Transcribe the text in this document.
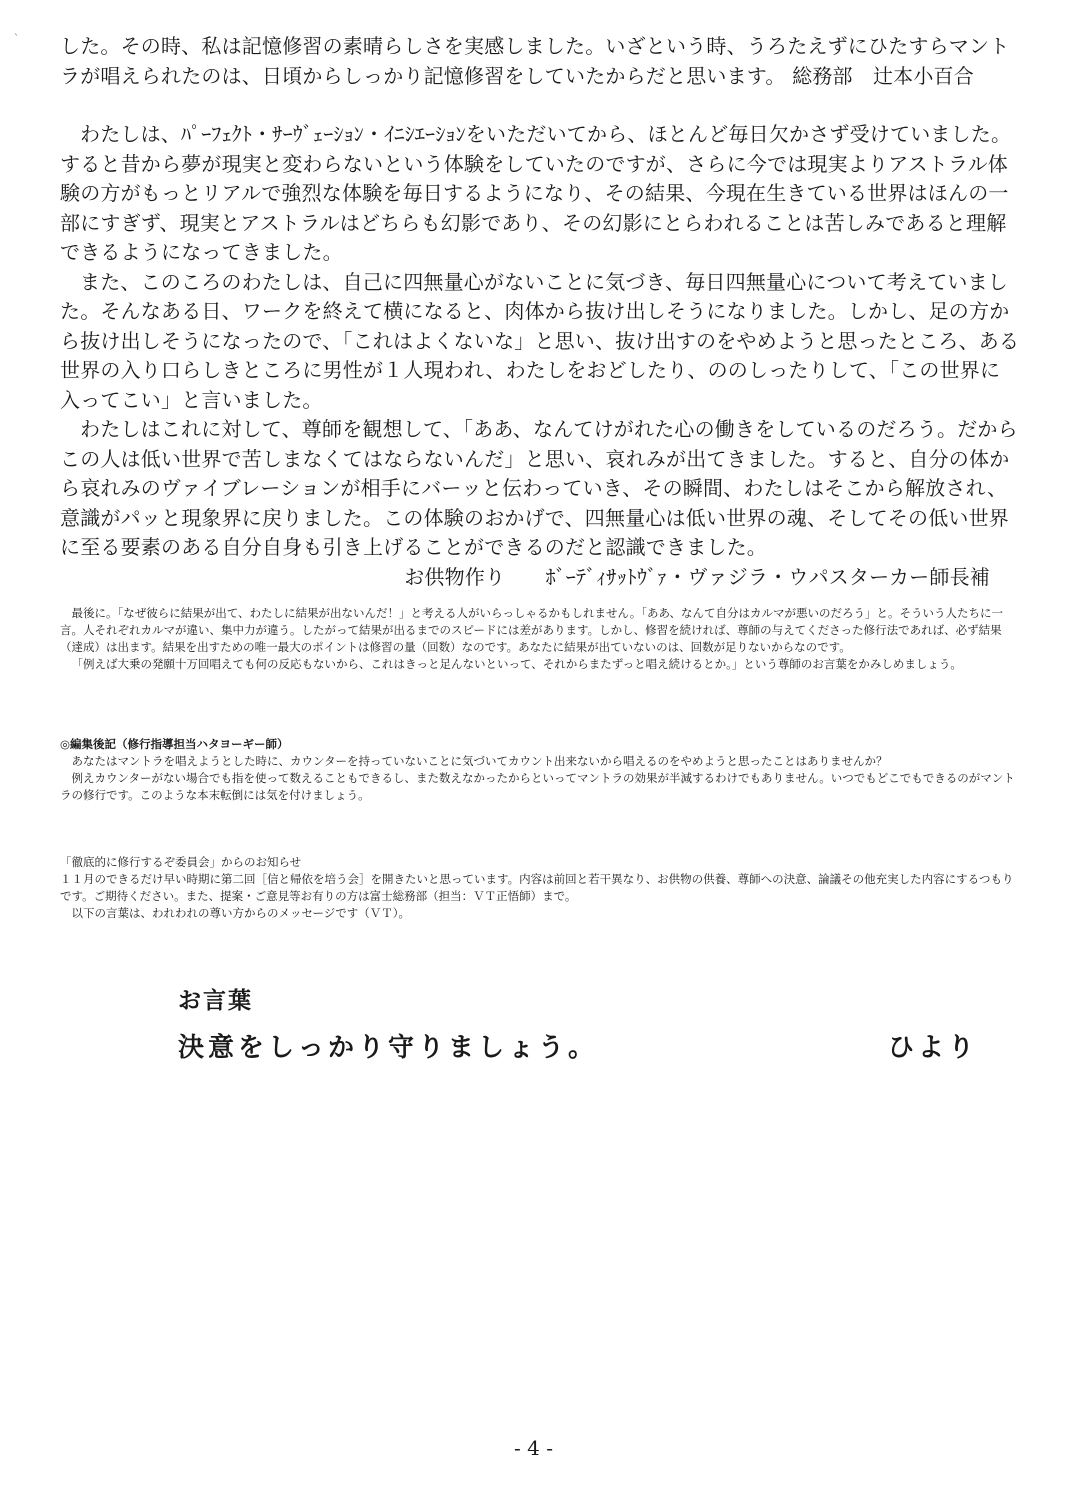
ˋ した。その時、私は記憶修習の素晴らしさを実感しました。いざという時、うろたえずにひたすらマントラが唱えられたのは、日頃からしっかり記憶修習をしていたからだと思います。 総務部　辻本小百合

わたしは、ﾊﾟｰﾌｪｸﾄ・ｻｰｳﾞｪｰｼｮﾝ・ｲﾆｼｴｰｼｮﾝをいただいてから、ほとんど毎日欠かさず受けていました。すると昔から夢が現実と変わらないという体験をしていたのですが、さらに今では現実よりアストラル体験の方がもっとリアルで強烈な体験を毎日するようになり、その結果、今現在生きている世界はほんの一部にすぎず、現実とアストラルはどちらも幻影であり、その幻影にとらわれることは苦しみであると理解できるようになってきました。

また、このころのわたしは、自己に四無量心がないことに気づき、毎日四無量心について考えていました。そんなある日、ワークを終えて横になると、肉体から抜け出しそうになりました。しかし、足の方から抜け出しそうになったので、「これはよくないな」と思い、抜け出すのをやめようと思ったところ、ある世界の入り口らしきところに男性が１人現われ、わたしをおどしたり、ののしったりして、「この世界に入ってこい」と言いました。

わたしはこれに対して、尊師を観想して、「ああ、なんてけがれた心の働きをしているのだろう。だからこの人は低い世界で苦しまなくてはならないんだ」と思い、哀れみが出てきました。すると、自分の体から哀れみのヴァイブレーションが相手にバーッと伝わっていき、その瞬間、わたしはそこから解放され、意識がパッと現象界に戻りました。この体験のおかげで、四無量心は低い世界の魂、そしてその低い世界に至る要素のある自分自身も引き上げることができるのだと認識できました。

お供物作り　　ﾎﾞｰﾃﾞｨｻｯﾄｳﾞｧ・ヴァジラ・ウパスターカー師長補

最後に。「なぜ彼らに結果が出て、わたしに結果が出ないんだ！」と考える人がいらっしゃるかもしれません。「ああ、なんて自分はカルマが悪いのだろう」と。そういう人たちに一言。人それぞれカルマが違い、集中力が違う。したがって結果が出るまでのスピードには差があります。しかし、修習を続ければ、尊師の与えてくださった修行法であれば、必ず結果（達成）は出ます。結果を出すための唯一最大のポイントは修習の量（回数）なのです。あなたに結果が出ていないのは、回数が足りないからなのです。

「例えば大乗の発願十万回唱えても何の反応もないから、これはきっと足んないといって、それからまたずっと唱え続けるとか。」という尊師のお言葉をかみしめましょう。

◎編集後記（修行指導担当ハタヨーギー師）

あなたはマントラを唱えようとした時に、カウンターを持っていないことに気づいてカウント出来ないから唱えるのをやめようと思ったことはありませんか？

例えカウンターがない場合でも指を使って数えることもできるし、また数えなかったからといってマントラの効果が半減するわけでもありません。いつでもどこでもできるのがマントラの修行です。このような本末転倒には気を付けましょう。

「徹底的に修行するぞ委員会」からのお知らせ

１１月のできるだけ早い時期に第二回［信と帰依を培う会］を開きたいと思っています。内容は前回と若干異なり、お供物の供養、尊師への決意、論議その他充実した内容にするつもりです。ご期待ください。また、提案・ご意見等お有りの方は富士総務部（担当：ＶＴ正悟師）まで。

以下の言葉は、われわれの尊い方からのメッセージです（ＶＴ）。

お言葉

決意をしっかり守りましょう。	ひより

- 4 -
